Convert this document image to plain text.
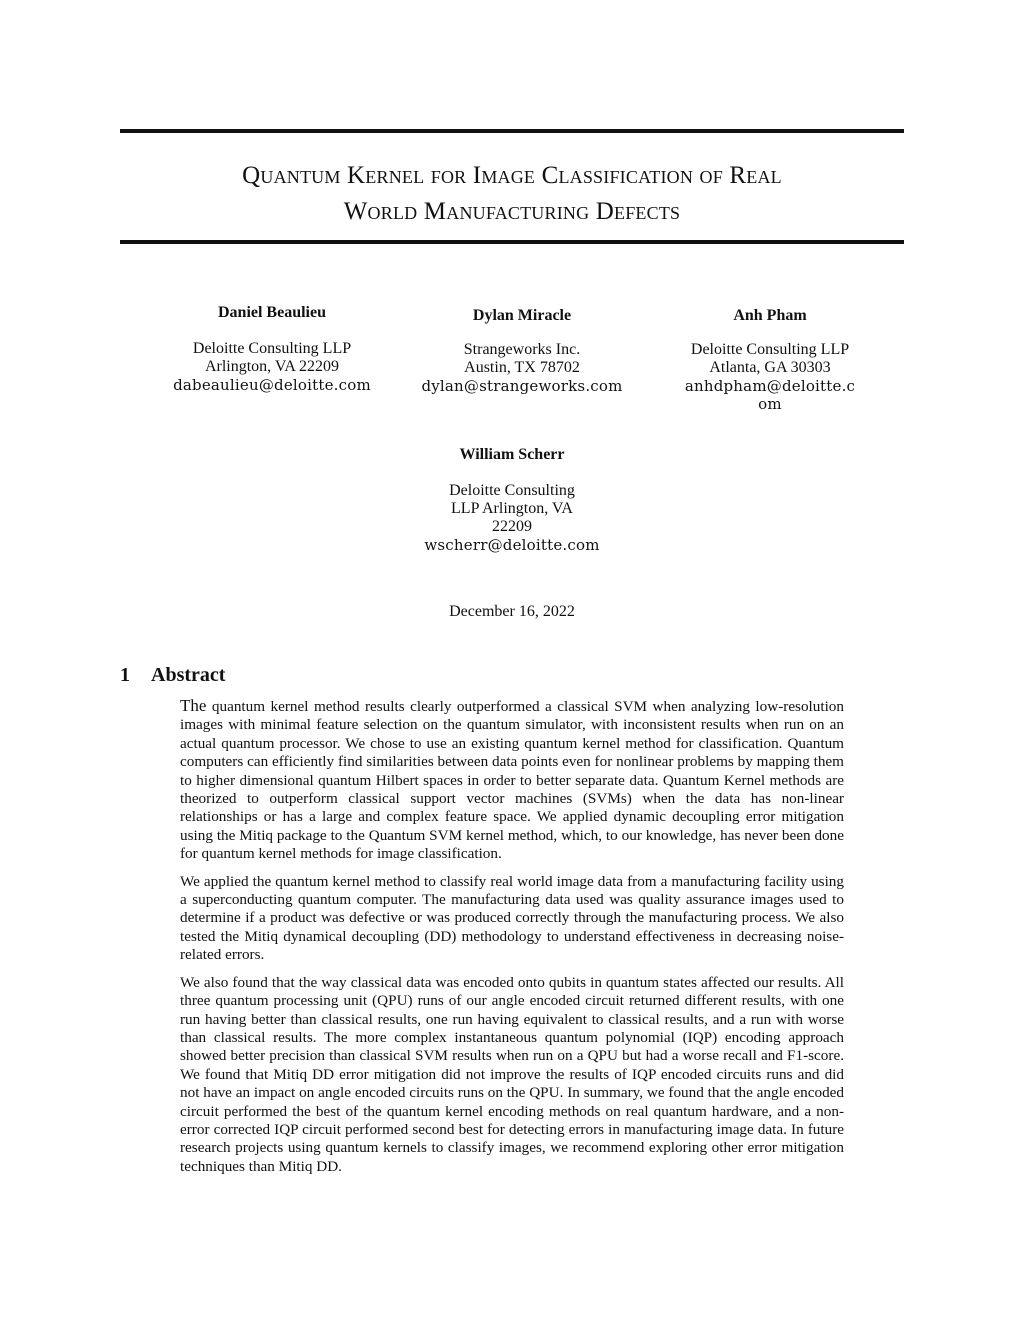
Quantum Kernel for Image Classification of Real
World Manufacturing Defects
Daniel Beaulieu
Deloitte Consulting LLP
Arlington, VA 22209
dabeaulieu@deloitte.com
Dylan Miracle
Strangeworks Inc.
Austin, TX 78702
dylan@strangeworks.com
Anh Pham
Deloitte Consulting LLP
Atlanta, GA 30303
anhdpham@deloitte.c
om
William Scherr
Deloitte Consulting
LLP Arlington, VA
22209
wscherr@deloitte.com
December 16, 2022
1 Abstract

The quantum kernel method results clearly outperformed a classical SVM when analyzing low-resolution images with minimal feature selection on the quantum simulator, with inconsistent results when run on an actual quantum processor. We chose to use an existing quantum kernel method for classification. Quantum computers can efficiently find similarities between data points even for nonlinear problems by mapping them to higher dimensional quantum Hilbert spaces in order to better separate data. Quantum Kernel methods are theorized to outperform classical support vector machines (SVMs) when the data has non-linear relationships or has a large and complex feature space. We applied dynamic decoupling error mitigation using the Mitiq package to the Quantum SVM kernel method, which, to our knowledge, has never been done for quantum kernel methods for image classification.

We applied the quantum kernel method to classify real world image data from a manufacturing facility using a superconducting quantum computer. The manufacturing data used was quality assurance images used to determine if a product was defective or was produced correctly through the manufacturing process. We also tested the Mitiq dynamical decoupling (DD) methodology to understand effectiveness in decreasing noise-related errors.

We also found that the way classical data was encoded onto qubits in quantum states affected our results. All three quantum processing unit (QPU) runs of our angle encoded circuit returned different results, with one run having better than classical results, one run having equivalent to classical results, and a run with worse than classical results. The more complex instantaneous quantum polynomial (IQP) encoding approach showed better precision than classical SVM results when run on a QPU but had a worse recall and F1-score. We found that Mitiq DD error mitigation did not improve the results of IQP encoded circuits runs and did not have an impact on angle encoded circuits runs on the QPU. In summary, we found that the angle encoded circuit performed the best of the quantum kernel encoding methods on real quantum hardware, and a non-error corrected IQP circuit performed second best for detecting errors in manufacturing image data. In future research projects using quantum kernels to classify images, we recommend exploring other error mitigation techniques than Mitiq DD.
